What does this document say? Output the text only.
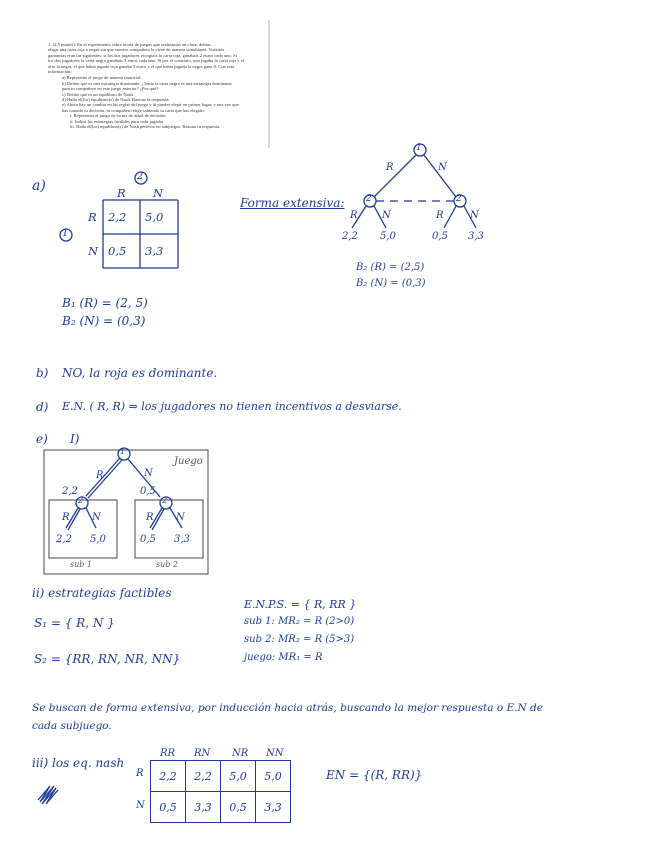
1. (2,5 puntos). En el experimento sobre teoría de juegos que realizamos en clase, debías

elegir una carta roja o negra sin que vuestro compañero le viese de manera simultánea. Vuestras

ganancias eran las siguientes: si los dos jugadores escogíais la carta roja, ganabais 2 euros cada uno. Si

los dos jugadores la carta negra ganabais 3 euros cada uno. Si por el contrario, uno jugaba la carta roja y el

otro la negra, el que había jugado roja ganaba 5 euros y el que había jugado la negra gana 0. Con esta

información:

a) Representa el juego de manera matricial.

b) Define qué es una estrategia dominante. ¿Tenía la carta negra es una estrategia dominante

para tu compañero en este juego anterior? ¿Por qué?

c) Define qué es un equilibrio de Nash.

d) Halla el(los) equilibrio(s) de Nash. Razona la respuesta.

e) Ahora hay un cambio en las reglas del juego y tú puedes elegir en primer lugar, y una vez que

has tomado tu decisión, tu compañero elige sabiendo tu carta que has elegido.

i. Representa el juego en forma de árbol de decisión.

ii. Indica las estrategias factibles para cada jugador.

iii. Halla el(los) equilibrio(s) de Nash perfecto en subjuegos. Razona tu respuesta.

a)
2
1
R N
R
N
2,2 5,0
0,5 3,3
B₁ (R) = (2, 5)
B₂ (N) = (0,3)
Forma extensiva:
1
2	2
R	N
R N	R	N
2,2 5,0	0,5 3,3
B₂ (R) = (2,5)
B₂ (N) = (0,3)
b) NO, la roja es dominante.
d) E.N. ( R, R) ⇒ los jugadores no tienen incentivos a desviarse.
e) I)
Juego
1
2	2
R	N
2,2	0,5
R N	R N
2,2 5,0	0,5 3,3
sub 1	sub 2
ii) estrategias factibles
S₁ = { R, N }
S₂ = {RR, RN, NR, NN}
E.N.P.S. = { R, RR }
sub 1: MR₂ = R (2>0)
sub 2: MR₂ = R (5>3)
juego: MR₁ = R
Se buscan de forma extensiva, por inducción hacia atrás, buscando la mejor respuesta o E.N de
cada subjuego.
iii) los eq. nash
RR RN NR NN
R
N
2,2	2,2	5,0	5,0
0,5	3,3	0,5	3,3
EN = {(R, RR)}
